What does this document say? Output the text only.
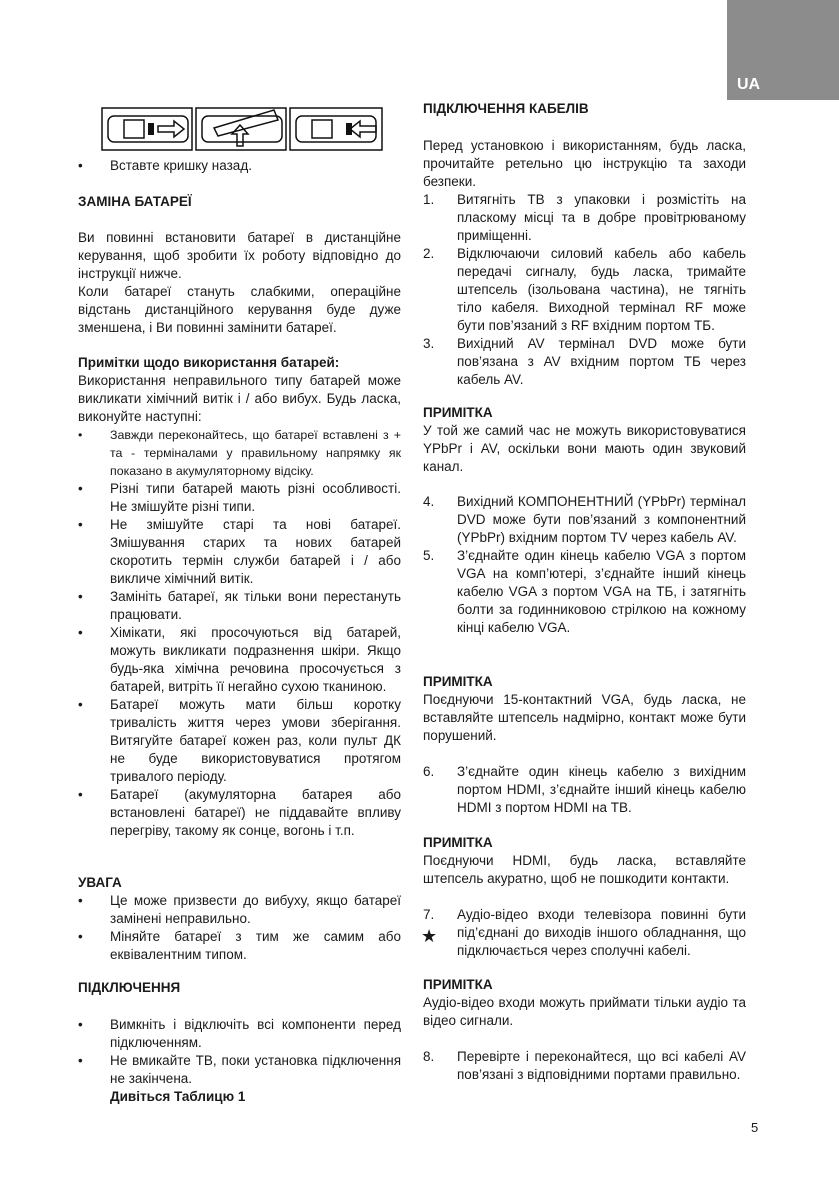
UA
• Вставте кришку назад.
ЗАМІНА БАТАРЕЇ

Ви повинні встановити батареї в дистанційне керування, щоб зробити їх роботу відповідно до інструкції нижче.

Коли батареї стануть слабкими, операційне відстань дистанційного керування буде дуже зменшена, і Ви повинні замінити батареї.

Примітки щодо використання батарей:

Використання неправильного типу батарей може викликати хімічний витік і / або вибух. Будь ласка, виконуйте наступні:

• Завжди переконайтесь, що батареї вставлені з + та - терміналами у правильному напрямку як показано в акумуляторному відсіку.
• Різні типи батарей мають різні особливості. Не змішуйте різні типи.
• Не змішуйте старі та нові батареї. Змішування старих та нових батарей скоротить термін служби батарей і / або викличе хімічний витік.
• Замініть батареї, як тільки вони перестануть працювати.
• Хімікати, які просочуються від батарей, можуть викликати подразнення шкіри. Якщо будь-яка хімічна речовина просочується з батарей, витріть її негайно сухою тканиною.
• Батареї можуть мати більш коротку тривалість життя через умови зберігання. Витягуйте батареї кожен раз, коли пульт ДК не буде використовуватися протягом тривалого періоду.
• Батареї (акумуляторна батарея або встановлені батареї) не піддавайте впливу перегріву, такому як сонце, вогонь і т.п.
УВАГА
• Це може призвести до вибуху, якщо батареї замінені неправильно.
• Міняйте батареї з тим же самим або еквівалентним типом.
ПІДКЛЮЧЕННЯ
• Вимкніть і відключіть всі компоненти перед підключенням.
• Не вмикайте ТВ, поки установка підключення не закінчена.
Дивіться Таблицю 1
ПІДКЛЮЧЕННЯ КАБЕЛІВ

Перед установкою і використанням, будь ласка, прочитайте ретельно цю інструкцію та заходи безпеки.

1. Витягніть ТВ з упаковки і розмістіть на пласкому місці та в добре провітрюваному приміщенні.
2. Відключаючи силовий кабель або кабель передачі сигналу, будь ласка, тримайте штепсель (ізольована частина), не тягніть тіло кабеля. Виходной термінал RF може бути пов’язаний з RF вхідним портом ТБ.
3. Вихідний AV термінал DVD може бути пов’язана з AV вхідним портом ТБ через кабель AV.
ПРИМІТКА

У той же самий час не можуть використовуватися YPbPr і AV, оскільки вони мають один звуковий канал.

4. Вихідний КОМПОНЕНТНИЙ (YPbPr) термінал DVD може бути пов’язаний з компонентний (YPbPr) вхідним портом TV через кабель AV.
5. З’єднайте один кінець кабелю VGA з портом VGA на комп’ютері, з’єднайте інший кінець кабелю VGA з портом VGA на ТБ, і затягніть болти за годинниковою стрілкою на кожному кінці кабелю VGA.
ПРИМІТКА

Поєднуючи 15-контактний VGA, будь ласка, не вставляйте штепсель надмірно, контакт може бути порушений.

6. З’єднайте один кінець кабелю з вихідним портом HDMI, з’єднайте інший кінець кабелю HDMI з портом HDMI на ТВ.
ПРИМІТКА

Поєднуючи HDMI, будь ласка, вставляйте штепсель акуратно, щоб не пошкодити контакти.

7. Аудіо-відео входи телевізора повинні бути під’єднані до виходів іншого обладнання, що підключається через сполучні кабелі.
★
ПРИМІТКА

Аудіо-відео входи можуть приймати тільки аудіо та відео сигнали.

8. Перевірте і переконайтеся, що всі кабелі AV пов’язані з відповідними портами правильно.
5
